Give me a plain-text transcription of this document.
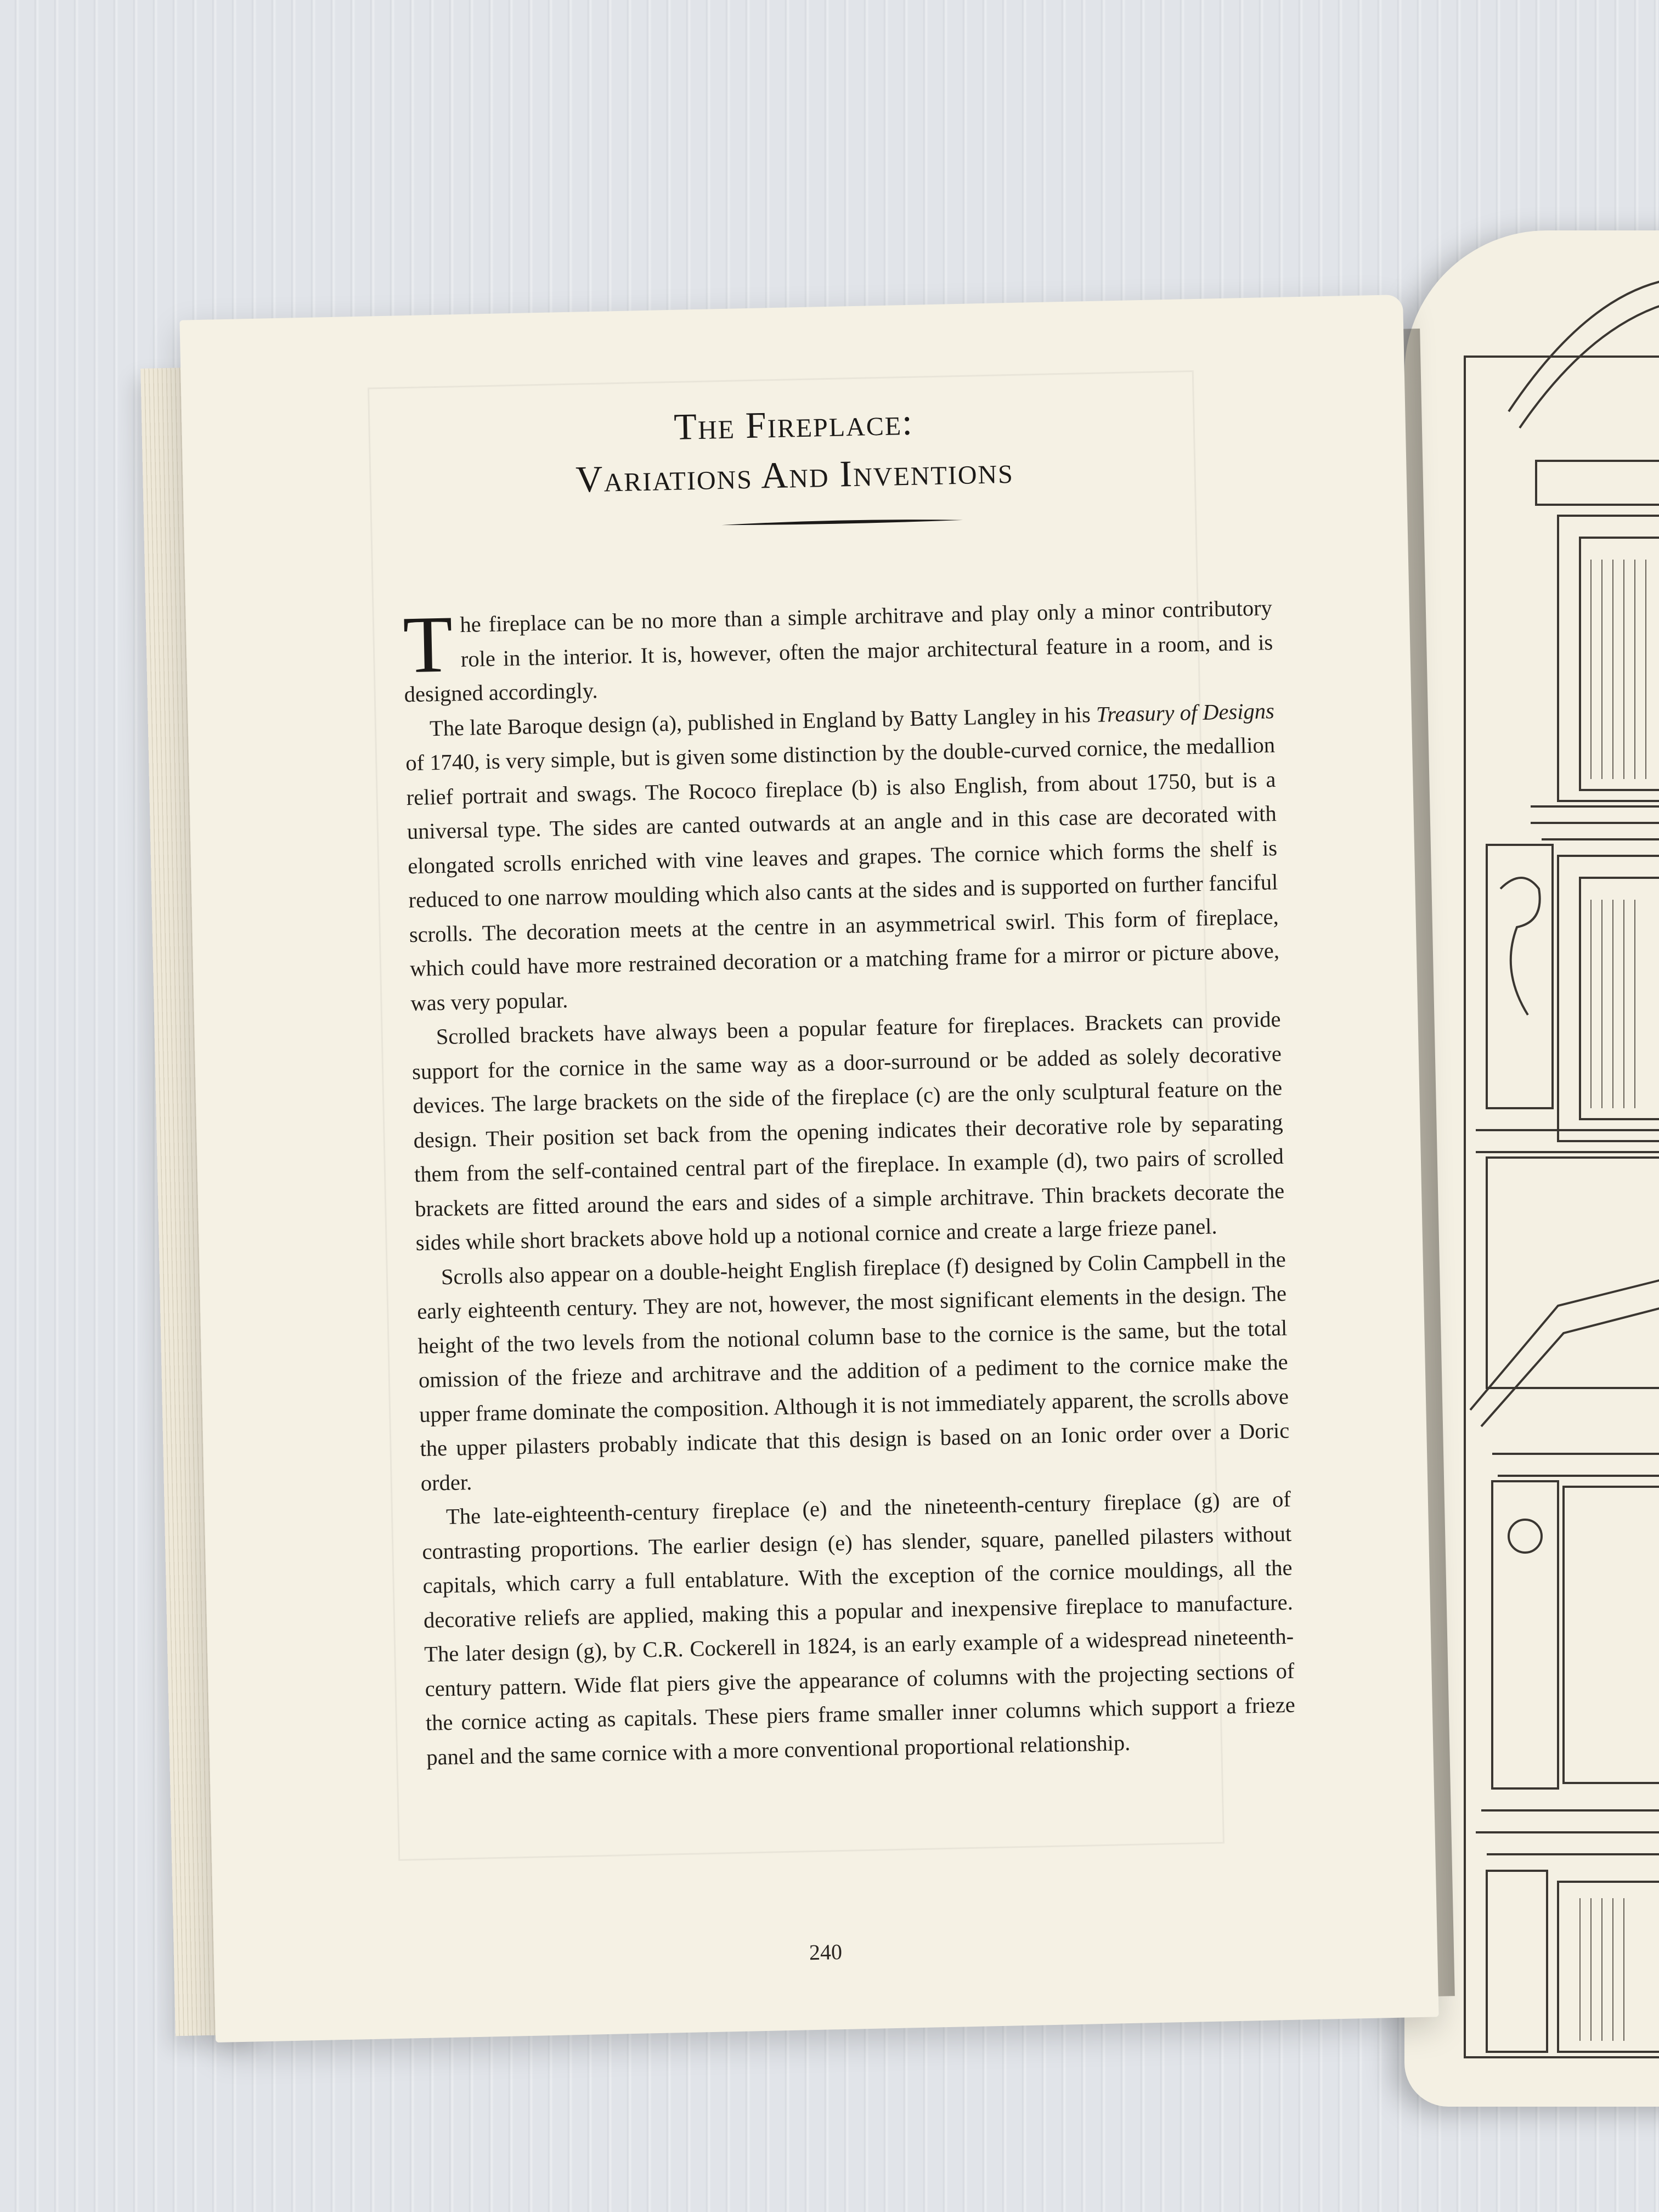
The Fireplace:
Variations And Inventions

The fireplace can be no more than a simple architrave and play only a minor contributory role in the interior. It is, however, often the major architectural feature in a room, and is designed accordingly.

The late Baroque design (a), published in England by Batty Langley in his Treasury of Designs of 1740, is very simple, but is given some distinction by the double-curved cornice, the medallion relief portrait and swags. The Rococo fireplace (b) is also English, from about 1750, but is a universal type. The sides are canted outwards at an angle and in this case are decorated with elongated scrolls enriched with vine leaves and grapes. The cornice which forms the shelf is reduced to one narrow moulding which also cants at the sides and is supported on further fanciful scrolls. The decoration meets at the centre in an asymmetrical swirl. This form of fireplace, which could have more restrained decoration or a matching frame for a mirror or picture above, was very popular.

Scrolled brackets have always been a popular feature for fireplaces. Brackets can provide support for the cornice in the same way as a door-surround or be added as solely decorative devices. The large brackets on the side of the fireplace (c) are the only sculptural feature on the design. Their position set back from the opening indicates their decorative role by separating them from the self-contained central part of the fireplace. In example (d), two pairs of scrolled brackets are fitted around the ears and sides of a simple architrave. Thin brackets decorate the sides while short brackets above hold up a notional cornice and create a large frieze panel.

Scrolls also appear on a double-height English fireplace (f) designed by Colin Campbell in the early eighteenth century. They are not, however, the most significant elements in the design. The height of the two levels from the notional column base to the cornice is the same, but the total omission of the frieze and architrave and the addition of a pediment to the cornice make the upper frame dominate the composition. Although it is not immediately apparent, the scrolls above the upper pilasters probably indicate that this design is based on an Ionic order over a Doric order.

The late-eighteenth-century fireplace (e) and the nineteenth-century fireplace (g) are of contrasting proportions. The earlier design (e) has slender, square, panelled pilasters without capitals, which carry a full entablature. With the exception of the cornice mouldings, all the decorative reliefs are applied, making this a popular and inexpensive fireplace to manufacture. The later design (g), by C.R. Cockerell in 1824, is an early example of a widespread nineteenth-century pattern. Wide flat piers give the appearance of columns with the projecting sections of the cornice acting as capitals. These piers frame smaller inner columns which support a frieze panel and the same cornice with a more conventional proportional relationship.

240
